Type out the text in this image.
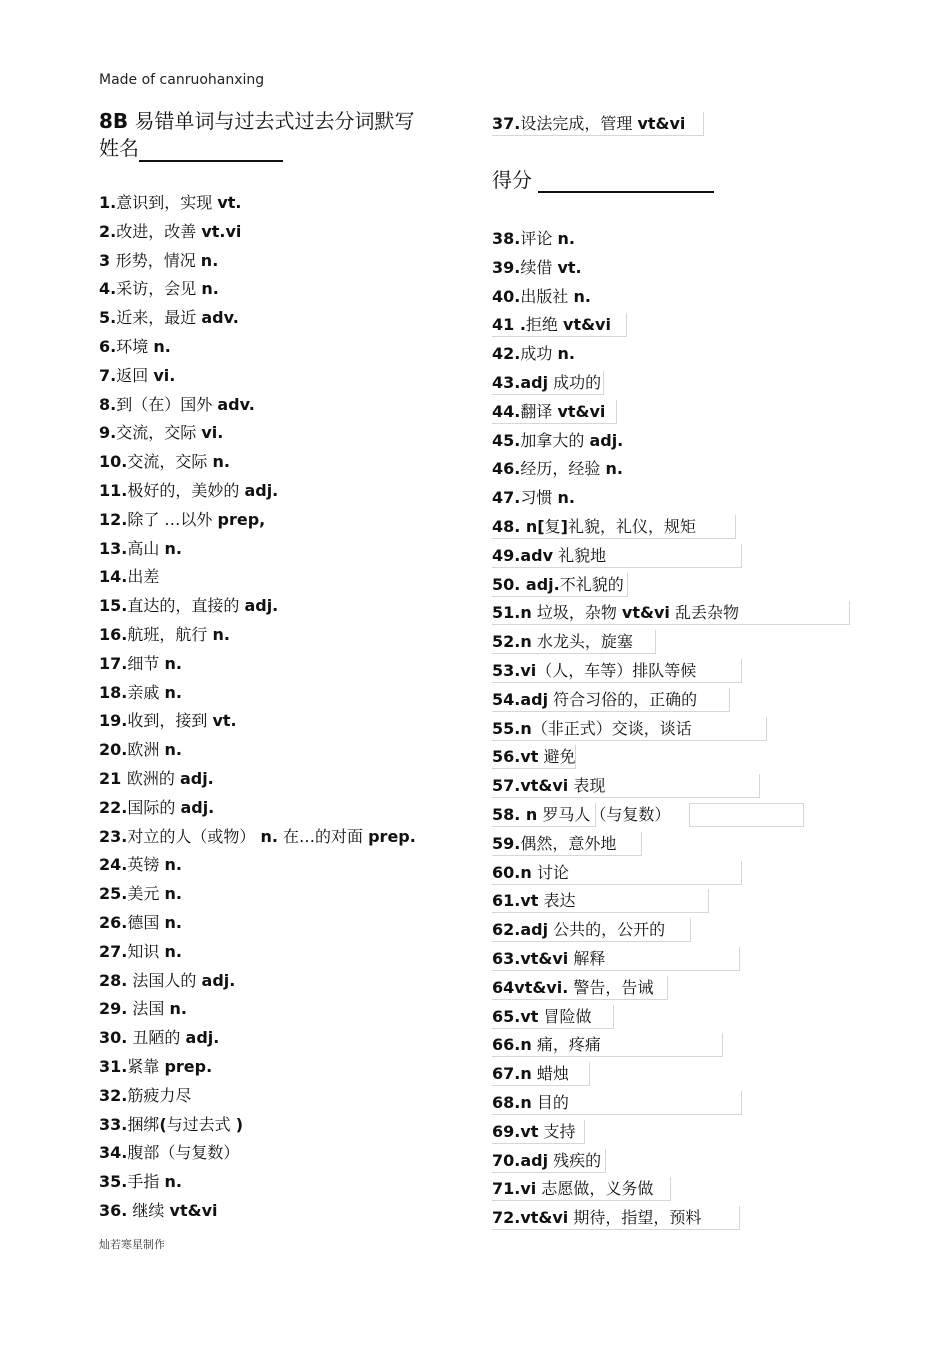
Made of canruohanxing
8B 易错单词与过去式过去分词默写
姓名
得分
1.意识到，实现 vt.
2.改进，改善 vt.vi
3 形势，情况 n.
4.采访，会见 n.
5.近来，最近 adv.
6.环境 n.
7.返回 vi.
8.到（在）国外 adv.
9.交流，交际 vi.
10.交流，交际 n.
11.极好的，美妙的 adj.
12.除了 …以外 prep,
13.高山 n.
14.出差
15.直达的，直接的 adj.
16.航班，航行 n.
17.细节 n.
18.亲戚 n.
19.收到，接到 vt.
20.欧洲 n.
21 欧洲的 adj.
22.国际的 adj.
23.对立的人（或物） n. 在…的对面 prep.
24.英镑 n.
25.美元 n.
26.德国 n.
27.知识 n.
28. 法国人的 adj.
29. 法国 n.
30. 丑陋的 adj.
31.紧靠 prep.
32.筋疲力尽
33.捆绑(与过去式 )
34.腹部（与复数）
35.手指 n.
36. 继续 vt&vi
37.设法完成，管理 vt&vi
38.评论 n.
39.续借 vt.
40.出版社 n.
41 .拒绝 vt&vi
42.成功 n.
43.adj 成功的
44.翻译 vt&vi
45.加拿大的 adj.
46.经历，经验 n.
47.习惯 n.
48. n[复]礼貌，礼仪，规矩
49.adv 礼貌地
50. adj.不礼貌的
51.n 垃圾，杂物 vt&vi 乱丢杂物
52.n 水龙头，旋塞
53.vi（人，车等）排队等候
54.adj 符合习俗的，正确的
55.n（非正式）交谈，谈话
56.vt 避免
57.vt&vi 表现
58. n 罗马人（与复数）
59.偶然，意外地
60.n 讨论
61.vt 表达
62.adj 公共的，公开的
63.vt&vi 解释
64vt&vi. 警告，告诫
65.vt 冒险做
66.n 痛，疼痛
67.n 蜡烛
68.n 目的
69.vt 支持
70.adj 残疾的
71.vi 志愿做，义务做
72.vt&vi 期待，指望，预料
灿若寒星制作
